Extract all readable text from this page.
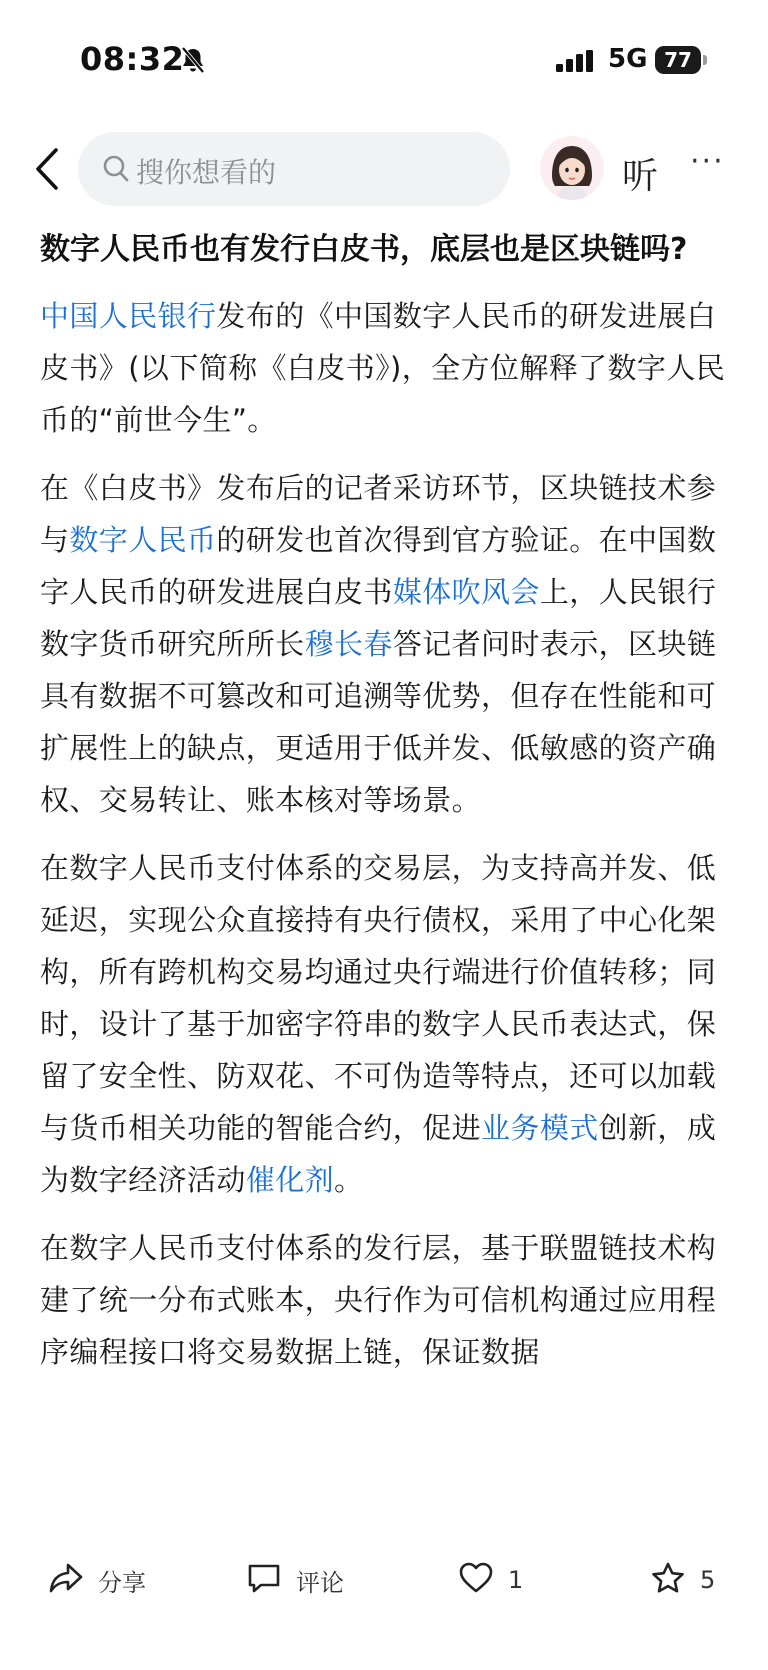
08:32	5G 77
搜你想看的	听 ···
数字人民币也有发行白皮书，底层也是区块链吗?

中国人民银行发布的《中国数字人民币的研发进展白皮书》(以下简称《白皮书》)，全方位解释了数字人民币的“前世今生”。

在《白皮书》发布后的记者采访环节，区块链技术参与数字人民币的研发也首次得到官方验证。在中国数字人民币的研发进展白皮书媒体吹风会上，人民银行数字货币研究所所长穆长春答记者问时表示，区块链具有数据不可篡改和可追溯等优势，但存在性能和可扩展性上的缺点，更适用于低并发、低敏感的资产确权、交易转让、账本核对等场景。

在数字人民币支付体系的交易层，为支持高并发、低延迟，实现公众直接持有央行债权，采用了中心化架构，所有跨机构交易均通过央行端进行价值转移；同时，设计了基于加密字符串的数字人民币表达式，保留了安全性、防双花、不可伪造等特点，还可以加载与货币相关功能的智能合约，促进业务模式创新，成为数字经济活动催化剂。

在数字人民币支付体系的发行层，基于联盟链技术构建了统一分布式账本，央行作为可信机构通过应用程序编程接口将交易数据上链，保证数据

分享	评论	1	5
